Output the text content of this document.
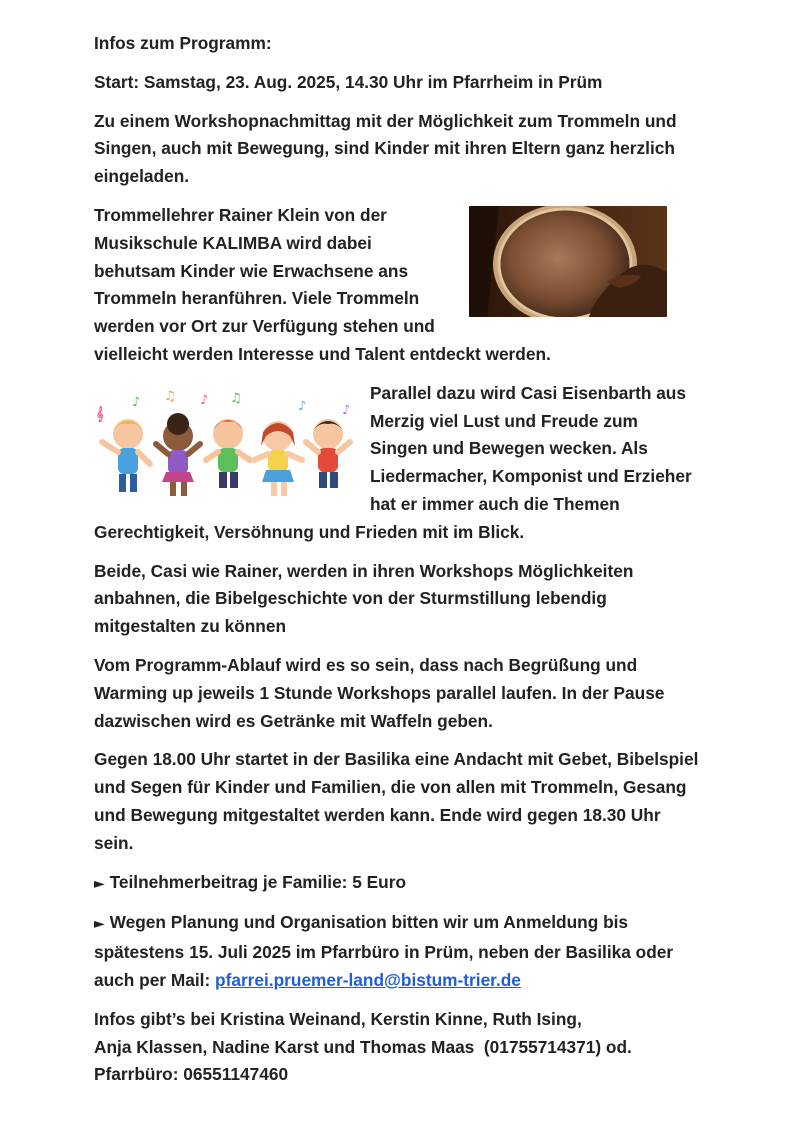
Infos zum Programm:

Start: Samstag, 23. Aug. 2025, 14.30 Uhr im Pfarrheim in Prüm

Zu einem Workshopnachmittag mit der Möglichkeit zum Trommeln und Singen, auch mit Bewegung, sind Kinder mit ihren Eltern ganz herzlich eingeladen.

Trommellehrer Rainer Klein von der Musikschule KALIMBA wird dabei behutsam Kinder wie Erwachsene ans Trommeln heranführen. Viele Trommeln werden vor Ort zur Verfügung stehen und vielleicht werden Interesse und Talent entdeckt werden.

𝄞
♪ ♫ ♪ ♫
♪	♪

Parallel dazu wird Casi Eisenbarth aus Merzig viel Lust und Freude zum Singen und Bewegen wecken. Als Liedermacher, Komponist und Erzieher hat er immer auch die Themen Gerechtigkeit, Versöhnung und Frieden mit im Blick.

Beide, Casi wie Rainer, werden in ihren Workshops Möglichkeiten anbahnen, die Bibelgeschichte von der Sturmstillung lebendig mitgestalten zu können

Vom Programm-Ablauf wird es so sein, dass nach Begrüßung und Warming up jeweils 1 Stunde Workshops parallel laufen. In der Pause dazwischen wird es Getränke mit Waffeln geben.

Gegen 18.00 Uhr startet in der Basilika eine Andacht mit Gebet, Bibelspiel und Segen für Kinder und Familien, die von allen mit Trommeln, Gesang und Bewegung mitgestaltet werden kann. Ende wird gegen 18.30 Uhr sein.

► Teilnehmerbeitrag je Familie: 5 Euro

► Wegen Planung und Organisation bitten wir um Anmeldung bis spätestens 15. Juli 2025 im Pfarrbüro in Prüm, neben der Basilika oder auch per Mail: pfarrei.pruemer-land@bistum-trier.de

Infos gibt’s bei Kristina Weinand, Kerstin Kinne, Ruth Ising,
Anja Klassen, Nadine Karst und Thomas Maas  (01755714371) od.
Pfarrbüro: 06551147460
